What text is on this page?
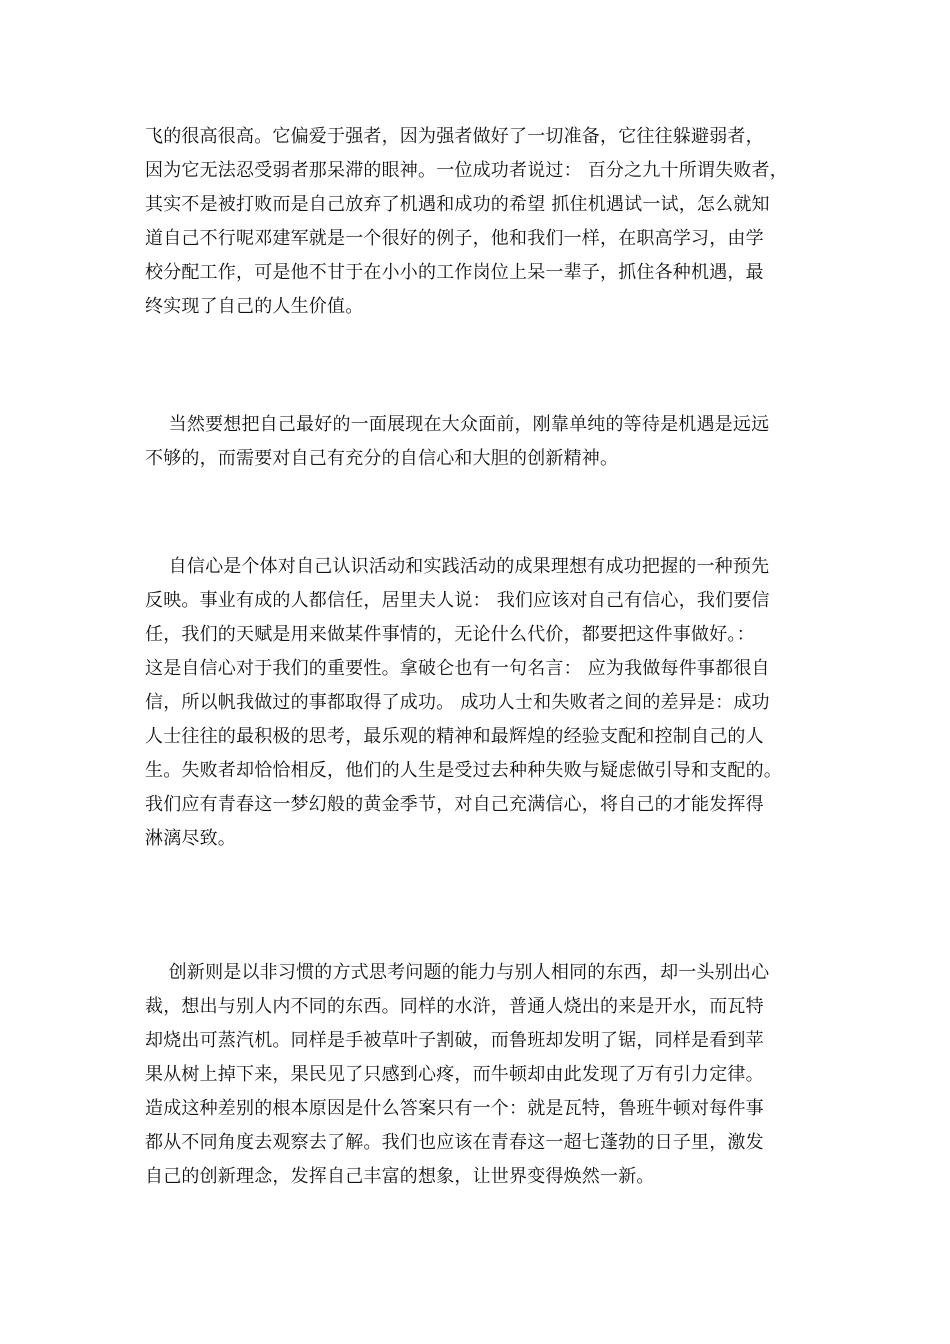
飞的很高很高。它偏爱于强者，因为强者做好了一切准备，它往往躲避弱者，
因为它无法忍受弱者那呆滞的眼神。一位成功者说过： 百分之九十所谓失败者，
其实不是被打败而是自己放弃了机遇和成功的希望 抓住机遇试一试，怎么就知
道自己不行呢邓建军就是一个很好的例子，他和我们一样，在职高学习，由学
校分配工作，可是他不甘于在小小的工作岗位上呆一辈子，抓住各种机遇，最
终实现了自己的人生价值。
当然要想把自己最好的一面展现在大众面前，刚靠单纯的等待是机遇是远远
不够的，而需要对自己有充分的自信心和大胆的创新精神。
自信心是个体对自己认识活动和实践活动的成果理想有成功把握的一种预先
反映。事业有成的人都信任，居里夫人说： 我们应该对自己有信心，我们要信
任，我们的天赋是用来做某件事情的，无论什么代价，都要把这件事做好。：
这是自信心对于我们的重要性。拿破仑也有一句名言： 应为我做每件事都很自
信，所以帆我做过的事都取得了成功。 成功人士和失败者之间的差异是：成功
人士往往的最积极的思考，最乐观的精神和最辉煌的经验支配和控制自己的人
生。失败者却恰恰相反，他们的人生是受过去种种失败与疑虑做引导和支配的。
我们应有青春这一梦幻般的黄金季节，对自己充满信心，将自己的才能发挥得
淋漓尽致。
创新则是以非习惯的方式思考问题的能力与别人相同的东西，却一头别出心
裁，想出与别人内不同的东西。同样的水浒，普通人烧出的来是开水，而瓦特
却烧出可蒸汽机。同样是手被草叶子割破，而鲁班却发明了锯，同样是看到苹
果从树上掉下来，果民见了只感到心疼，而牛顿却由此发现了万有引力定律。
造成这种差别的根本原因是什么答案只有一个：就是瓦特，鲁班牛顿对每件事
都从不同角度去观察去了解。我们也应该在青春这一超七蓬勃的日子里，激发
自己的创新理念，发挥自己丰富的想象，让世界变得焕然一新。
